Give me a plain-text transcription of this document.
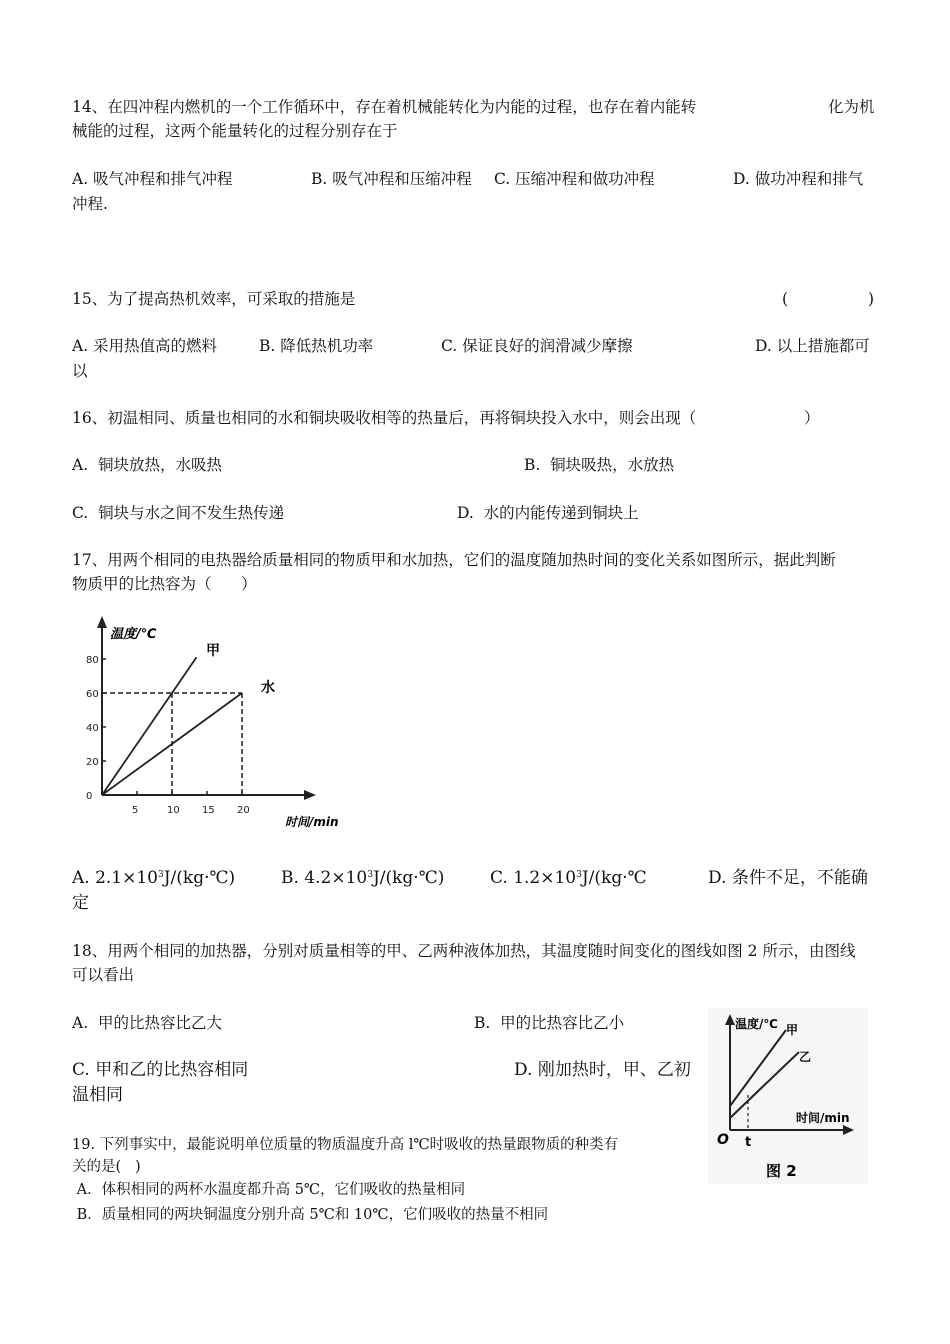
14、在四冲程内燃机的一个工作循环中，存在着机械能转化为内能的过程，也存在着内能转	化为机
械能的过程，这两个能量转化的过程分别存在于
A. 吸气冲程和排气冲程	B. 吸气冲程和压缩冲程 C. 压缩冲程和做功冲程	D. 做功冲程和排气
冲程.
15、为了提高热机效率，可采取的措施是	(	)
A. 采用热值高的燃料	B. 降低热机功率	C. 保证良好的润滑减少摩擦	D. 以上措施都可
以
16、初温相同、质量也相同的水和铜块吸收相等的热量后，再将铜块投入水中，则会出现（	）
A.  铜块放热，水吸热	B.  铜块吸热，水放热
C.  铜块与水之间不发生热传递	D.  水的内能传递到铜块上
17、用两个相同的电热器给质量相同的物质甲和水加热，它们的温度随加热时间的变化关系如图所示，据此判断
物质甲的比热容为（      ）
0
20
40
60
80
5	10 15 20
温度/℃
时间/min
甲
水
A. $2.1\times 10^3J/(kg\cdot℃)$	B. $4.2\times 10^3J/(kg\cdot℃)$	C. $1.2\times 10^3J/(kg\cdot℃$	D. 条件不足，不能确
定
18、用两个相同的加热器，分别对质量相等的甲、乙两种液体加热，其温度随时间变化的图线如图 2 所示，由图线
可以看出
A.  甲的比热容比乙大	B.  甲的比热容比乙小
C. 甲和乙的比热容相同	D. 刚加热时，甲、乙初
温相同
温度/℃ 甲
乙
时间/min
O t
图 2
19. 下列事实中，最能说明单位质量的物质温度升高 l℃时吸收的热量跟物质的种类有
关的是(   )
A．体积相同的两杯水温度都升高 5℃，它们吸收的热量相同
B．质量相同的两块铜温度分别升高 5℃和 10℃，它们吸收的热量不相同
